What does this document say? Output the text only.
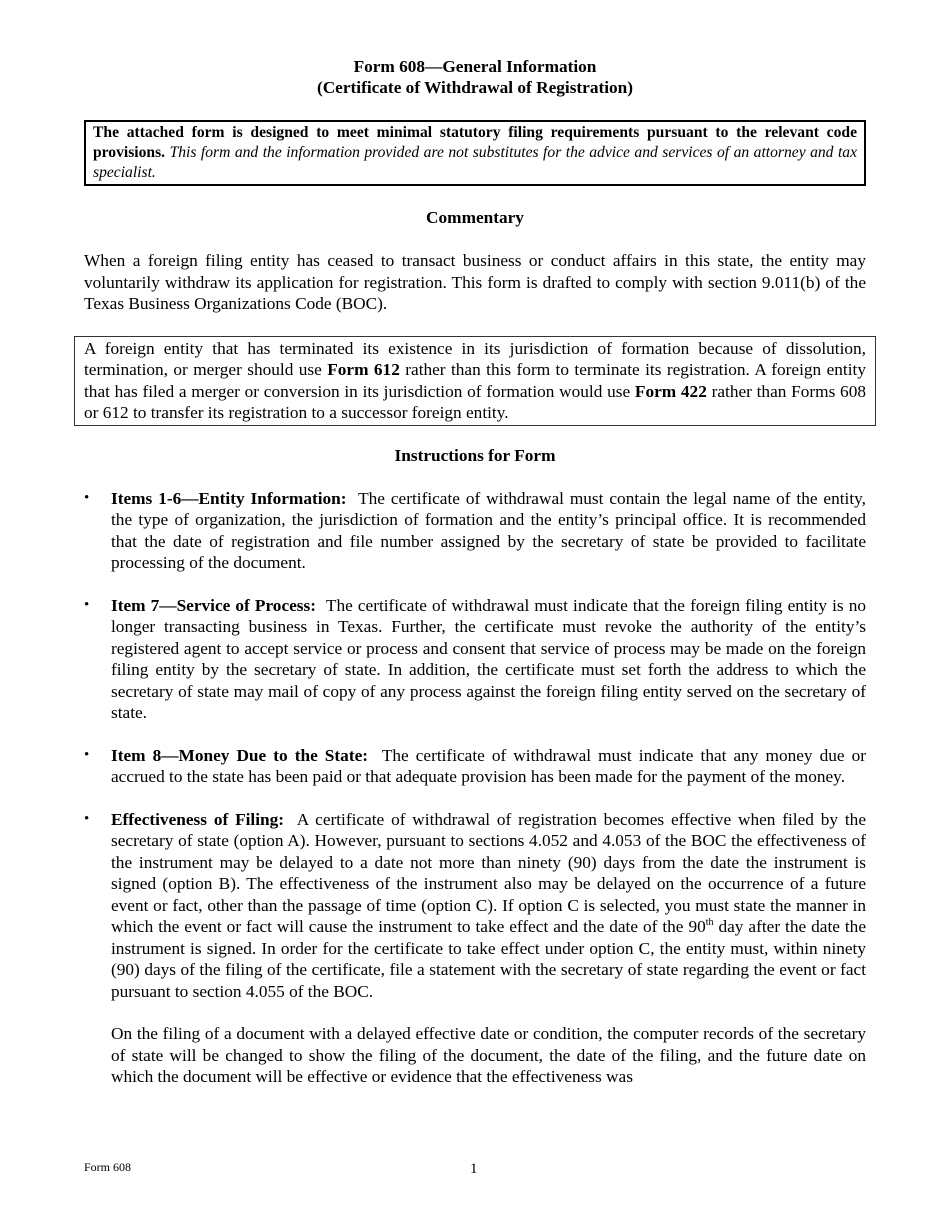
Form 608—General Information
(Certificate of Withdrawal of Registration)

The attached form is designed to meet minimal statutory filing requirements pursuant to the relevant code provisions. This form and the information provided are not substitutes for the advice and services of an attorney and tax specialist.

Commentary

When a foreign filing entity has ceased to transact business or conduct affairs in this state, the entity may voluntarily withdraw its application for registration. This form is drafted to comply with section 9.011(b) of the Texas Business Organizations Code (BOC).

A foreign entity that has terminated its existence in its jurisdiction of formation because of dissolution, termination, or merger should use Form 612 rather than this form to terminate its registration. A foreign entity that has filed a merger or conversion in its jurisdiction of formation would use Form 422 rather than Forms 608 or 612 to transfer its registration to a successor foreign entity.

Instructions for Form

• Items 1-6—Entity Information: The certificate of withdrawal must contain the legal name of the entity, the type of organization, the jurisdiction of formation and the entity’s principal office. It is recommended that the date of registration and file number assigned by the secretary of state be provided to facilitate processing of the document.
• Item 7—Service of Process: The certificate of withdrawal must indicate that the foreign filing entity is no longer transacting business in Texas. Further, the certificate must revoke the authority of the entity’s registered agent to accept service or process and consent that service of process may be made on the foreign filing entity by the secretary of state. In addition, the certificate must set forth the address to which the secretary of state may mail of copy of any process against the foreign filing entity served on the secretary of state.
• Item 8—Money Due to the State: The certificate of withdrawal must indicate that any money due or accrued to the state has been paid or that adequate provision has been made for the payment of the money.
• Effectiveness of Filing: A certificate of withdrawal of registration becomes effective when filed by the secretary of state (option A). However, pursuant to sections 4.052 and 4.053 of the BOC the effectiveness of the instrument may be delayed to a date not more than ninety (90) days from the date the instrument is signed (option B). The effectiveness of the instrument also may be delayed on the occurrence of a future event or fact, other than the passage of time (option C). If option C is selected, you must state the manner in which the event or fact will cause the instrument to take effect and the date of the 90th day after the date the instrument is signed. In order for the certificate to take effect under option C, the entity must, within ninety (90) days of the filing of the certificate, file a statement with the secretary of state regarding the event or fact pursuant to section 4.055 of the BOC.

On the filing of a document with a delayed effective date or condition, the computer records of the secretary of state will be changed to show the filing of the document, the date of the filing, and the future date on which the document will be effective or evidence that the effectiveness was

Form 608	1
